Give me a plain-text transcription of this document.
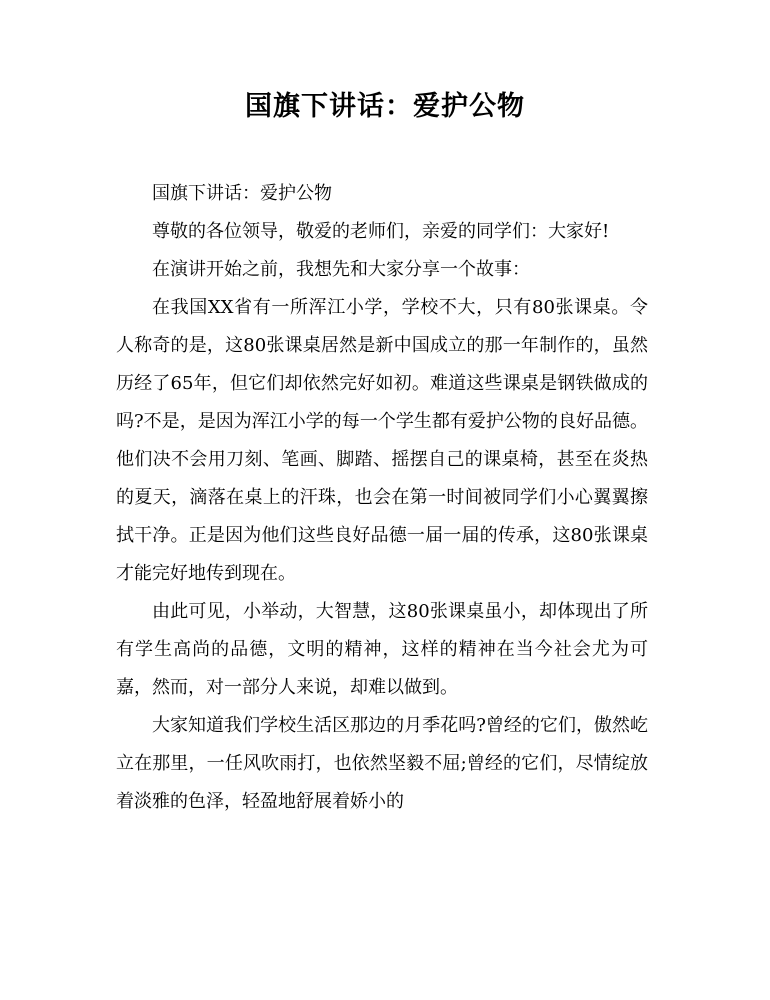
国旗下讲话：爱护公物

国旗下讲话：爱护公物

尊敬的各位领导，敬爱的老师们，亲爱的同学们：大家好!

在演讲开始之前，我想先和大家分享一个故事：

在我国XX省有一所浑江小学，学校不大，只有80张课桌。令人称奇的是，这80张课桌居然是新中国成立的那一年制作的，虽然历经了65年，但它们却依然完好如初。难道这些课桌是钢铁做成的吗?不是，是因为浑江小学的每一个学生都有爱护公物的良好品德。他们决不会用刀刻、笔画、脚踏、摇摆自己的课桌椅，甚至在炎热的夏天，滴落在桌上的汗珠，也会在第一时间被同学们小心翼翼擦拭干净。正是因为他们这些良好品德一届一届的传承，这80张课桌才能完好地传到现在。

由此可见，小举动，大智慧，这80张课桌虽小，却体现出了所有学生高尚的品德，文明的精神，这样的精神在当今社会尤为可嘉，然而，对一部分人来说，却难以做到。

大家知道我们学校生活区那边的月季花吗?曾经的它们，傲然屹立在那里，一任风吹雨打，也依然坚毅不屈;曾经的它们，尽情绽放着淡雅的色泽，轻盈地舒展着娇小的
